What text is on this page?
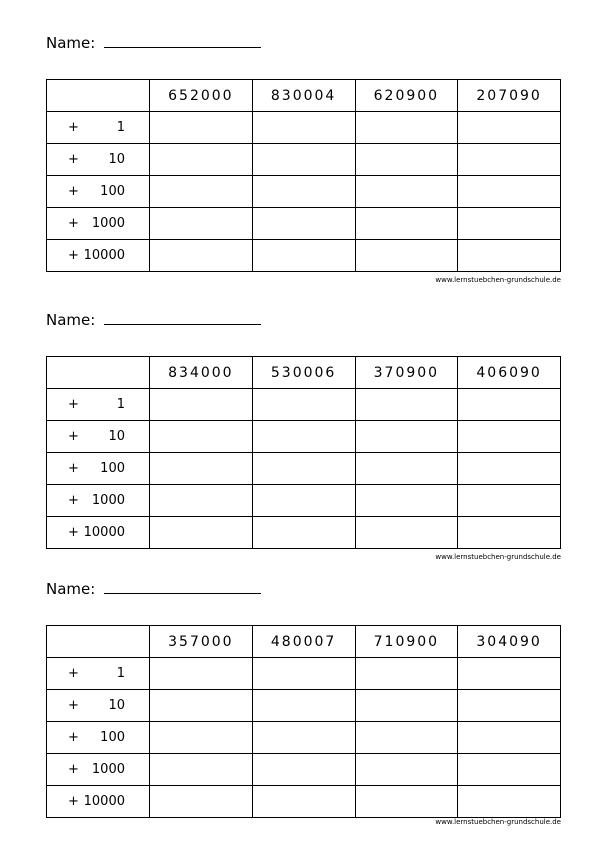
Name:
	652000	830004	620900	207090

+ 1				

+ 10				

+ 100				

+ 1000				

+ 10000				

www.lernstuebchen-grundschule.de
Name:
	834000	530006	370900	406090

+ 1				

+ 10				

+ 100				

+ 1000				

+ 10000				

www.lernstuebchen-grundschule.de
Name:
	357000	480007	710900	304090

+ 1				

+ 10				

+ 100				

+ 1000				

+ 10000				

www.lernstuebchen-grundschule.de
